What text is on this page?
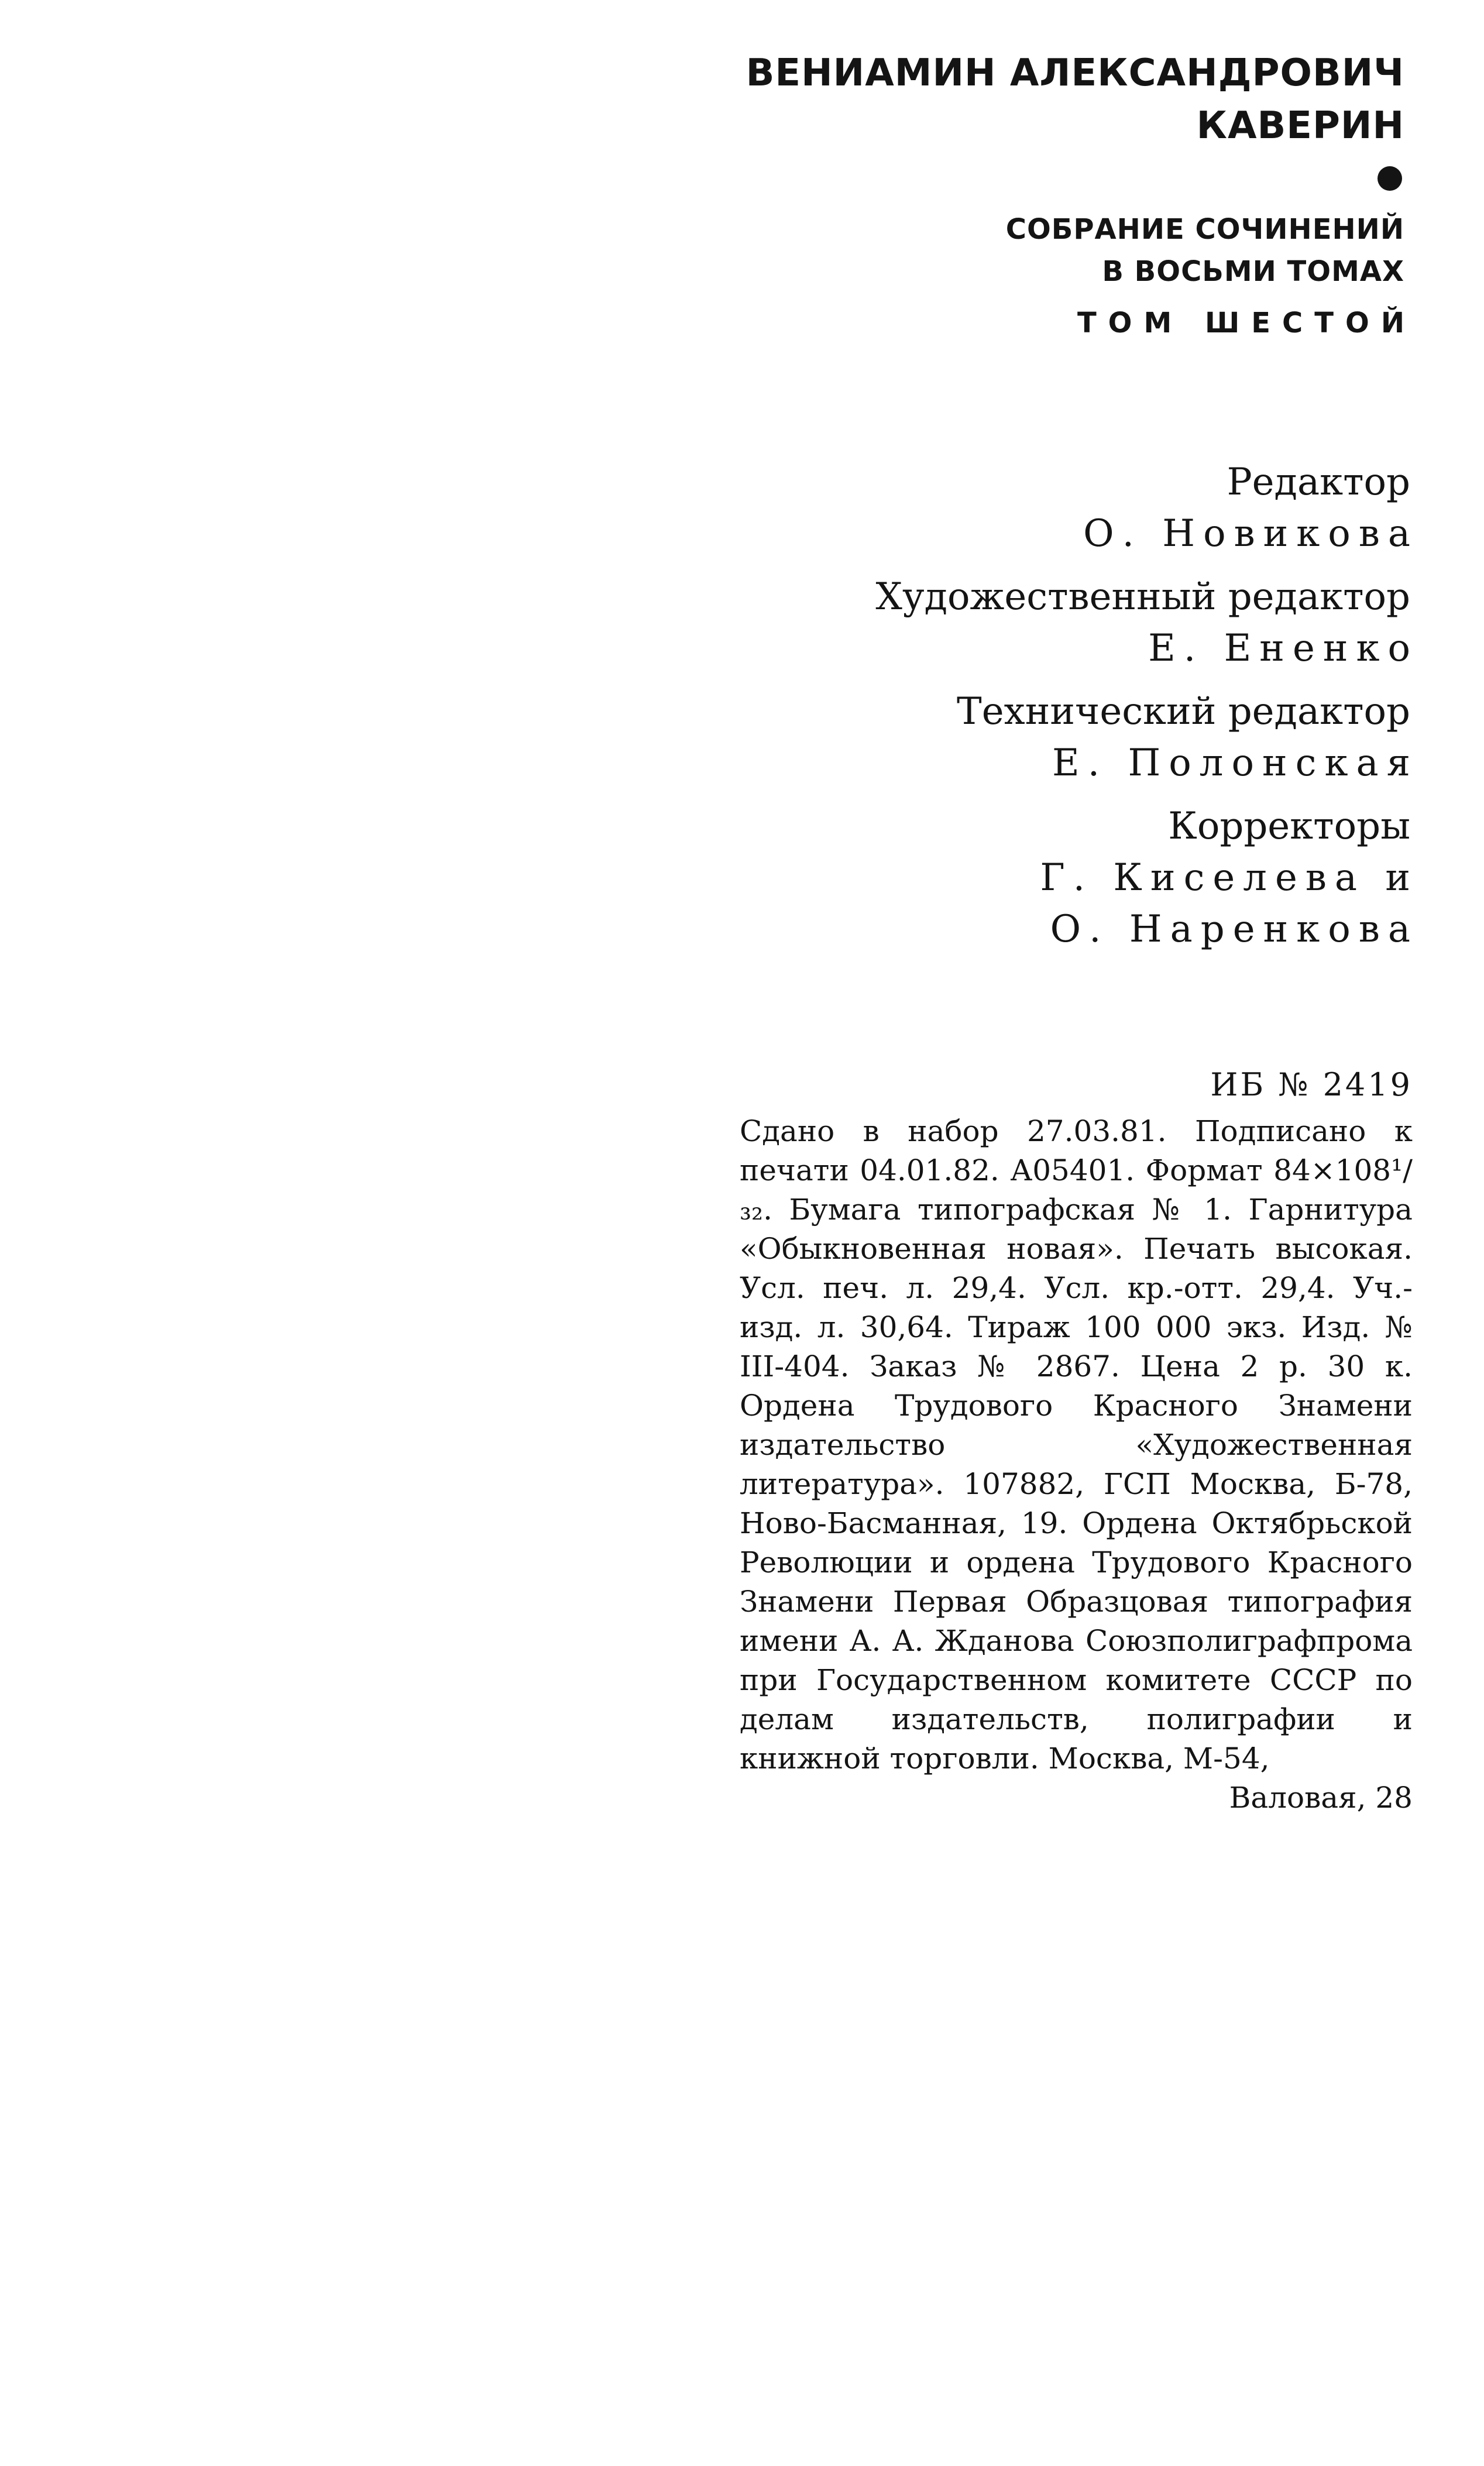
ВЕНИАМИН АЛЕКСАНДРОВИЧ
КАВЕРИН
СОБРАНИЕ СОЧИНЕНИЙ
В ВОСЬМИ ТОМАХ
ТОМ ШЕСТОЙ
Редактор
О. Новикова
Художественный редактор
Е. Ененко
Технический редактор
Е. Полонская
Корректоры
Г. Киселева и
О. Наренкова
ИБ № 2419
Сдано в набор 27.03.81. Подписано к печати 04.01.82. А05401. Формат 84×108¹/₃₂. Бумага типографская № 1. Гарнитура «Обыкновенная новая». Печать высокая. Усл. печ. л. 29,4. Усл. кр.-отт. 29,4. Уч.-изд. л. 30,64. Тираж 100 000 экз. Изд. № III-404. Заказ № 2867. Цена 2 р. 30 к. Ордена Трудового Красного Знамени издательство «Художественная литература». 107882, ГСП Москва, Б-78, Ново-Басманная, 19. Ордена Октябрьской Революции и ордена Трудового Красного Знамени Первая Образцовая типография имени А. А. Жданова Союзполиграфпрома при Государственном комитете СССР по делам издательств, полиграфии и книжной торговли. Москва, М-54,
Валовая, 28
